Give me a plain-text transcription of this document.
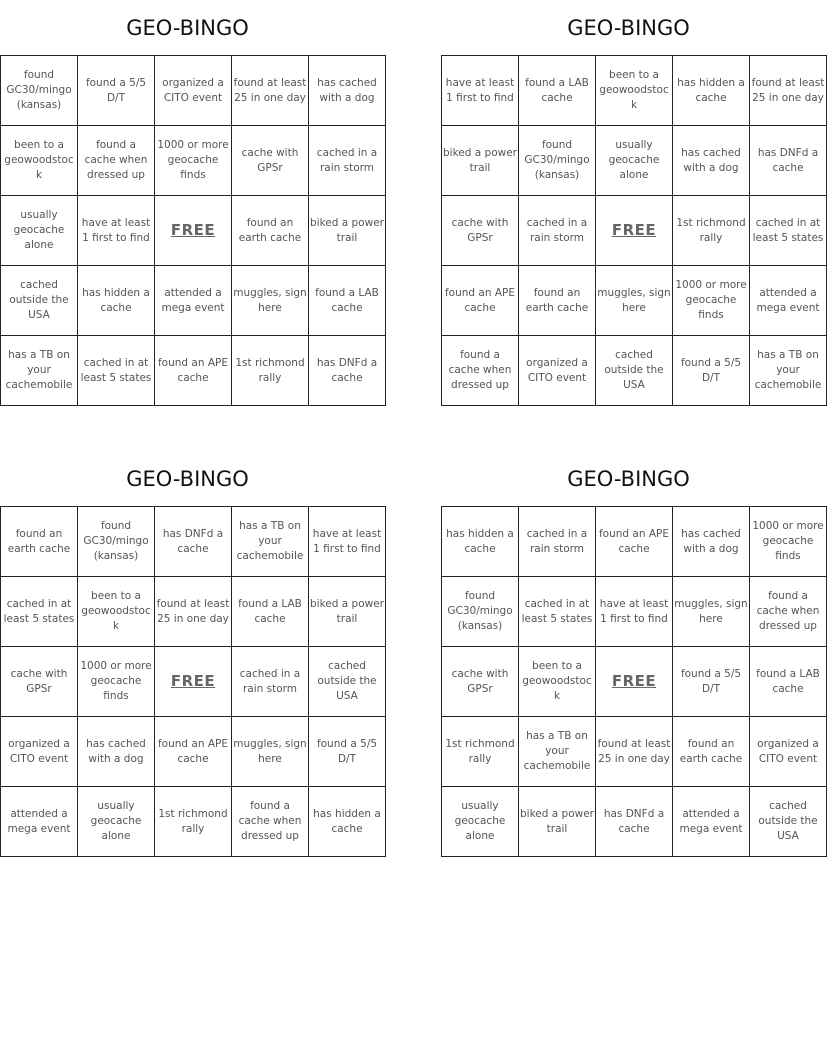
GEO-BINGO
found GC30/mingo (kansas)	found a 5/5 D/T	organized a CITO event	found at least 25 in one day	has cached with a dog
been to a geowoodstock	found a cache when dressed up	1000 or more geocache finds	cache with GPSr	cached in a rain storm
usually geocache alone	have at least 1 first to find	FREE	found an earth cache	biked a power trail
cached outside the USA	has hidden a cache	attended a mega event	muggles, sign here	found a LAB cache
has a TB on your cachemobile	cached in at least 5 states	found an APE cache	1st richmond rally	has DNFd a cache
GEO-BINGO
have at least 1 first to find	found a LAB cache	been to a geowoodstock	has hidden a cache	found at least 25 in one day
biked a power trail	found GC30/mingo (kansas)	usually geocache alone	has cached with a dog	has DNFd a cache
cache with GPSr	cached in a rain storm	FREE	1st richmond rally	cached in at least 5 states
found an APE cache	found an earth cache	muggles, sign here	1000 or more geocache finds	attended a mega event
found a cache when dressed up	organized a CITO event	cached outside the USA	found a 5/5 D/T	has a TB on your cachemobile
GEO-BINGO
found an earth cache	found GC30/mingo (kansas)	has DNFd a cache	has a TB on your cachemobile	have at least 1 first to find
cached in at least 5 states	been to a geowoodstock	found at least 25 in one day	found a LAB cache	biked a power trail
cache with GPSr	1000 or more geocache finds	FREE	cached in a rain storm	cached outside the USA
organized a CITO event	has cached with a dog	found an APE cache	muggles, sign here	found a 5/5 D/T
attended a mega event	usually geocache alone	1st richmond rally	found a cache when dressed up	has hidden a cache
GEO-BINGO
has hidden a cache	cached in a rain storm	found an APE cache	has cached with a dog	1000 or more geocache finds
found GC30/mingo (kansas)	cached in at least 5 states	have at least 1 first to find	muggles, sign here	found a cache when dressed up
cache with GPSr	been to a geowoodstock	FREE	found a 5/5 D/T	found a LAB cache
1st richmond rally	has a TB on your cachemobile	found at least 25 in one day	found an earth cache	organized a CITO event
usually geocache alone	biked a power trail	has DNFd a cache	attended a mega event	cached outside the USA
